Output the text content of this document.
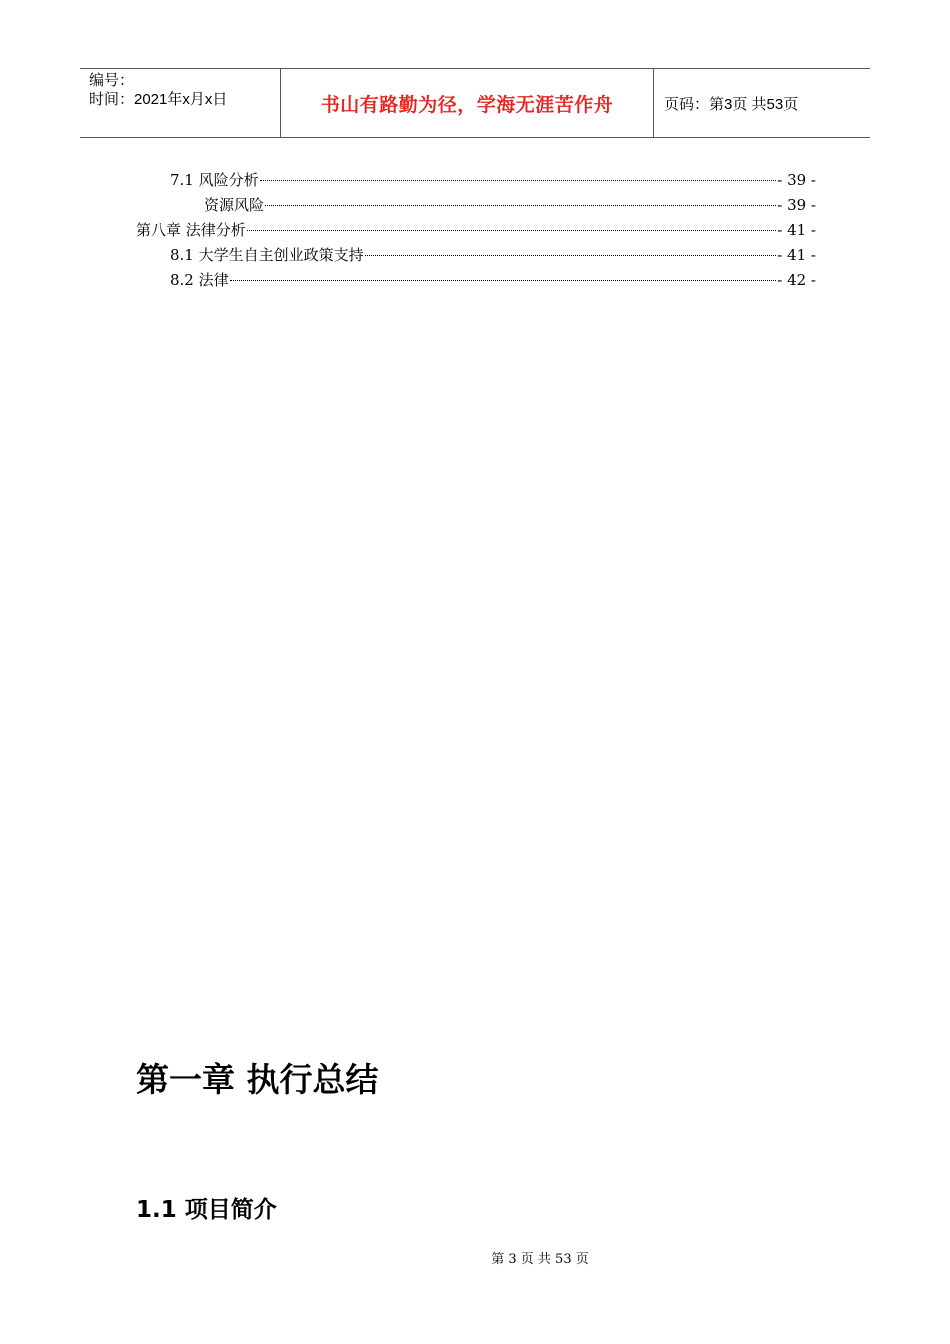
编号：
时间：2021年x月x日	书山有路勤为径，学海无涯苦作舟	页码：第3页 共53页
7.1 风险分析	- 39 -
资源风险	- 39 -
第八章 法律分析	- 41 -
8.1 大学生自主创业政策支持	- 41 -
8.2 法律	- 42 -
第一章 执行总结
1.1 项目简介
第 3 页 共 53 页
